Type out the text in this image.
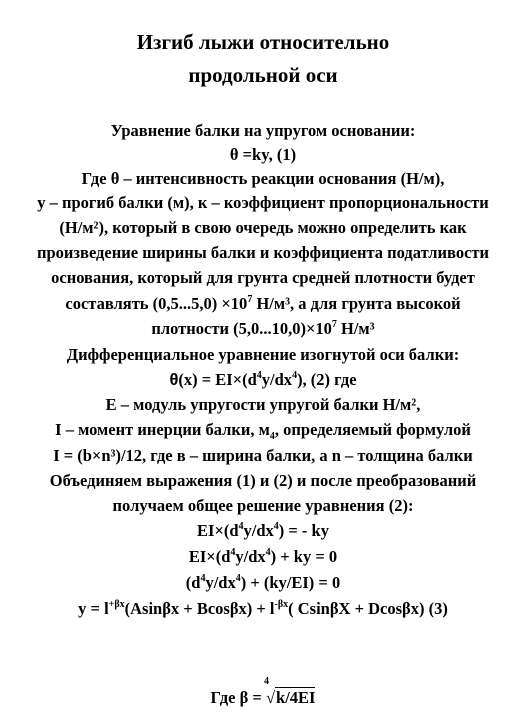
Изгиб лыжи относительно
продольной оси
Уравнение балки на упругом основании:
θ =ky, (1)
Где θ – интенсивность реакции основания (Н/м),
у – прогиб балки (м), к – коэффициент пропорциональности
(Н/м²), который в свою очередь можно определить как
произведение ширины балки и коэффициента податливости
основания, который для грунта средней плотности будет
составлять $(0,5...5,0) \times 10^7$ Н/м³, а для грунта высокой
плотности $(5,0...10,0)\times 10^7$ Н/м³
Дифференциальное уравнение изогнутой оси балки:
$\theta(x) = EI\times(d^4y/dx^4)$, (2) где
Е – модуль упругости упругой балки Н/м²,
I – момент инерции балки, $м_4$, определяемый формулой
I = (b×n³)/12, где в – ширина балки, а n – толщина балки
Объединяем выражения (1) и (2) и после преобразований
получаем общее решение уравнения (2):
$EI\times(d^4y/dx^4)$ = - ky
$EI\times(d^4y/dx^4)$ + ky = 0
$(d^4y/dx^4) + (ky/EI) = 0$
$y = l^{+\beta x}(Asin\beta x + Bcos\beta x) + l^{-\beta x}$( CsinβX + Dcosβx) (3)
Где β =
4
√k/4EI
